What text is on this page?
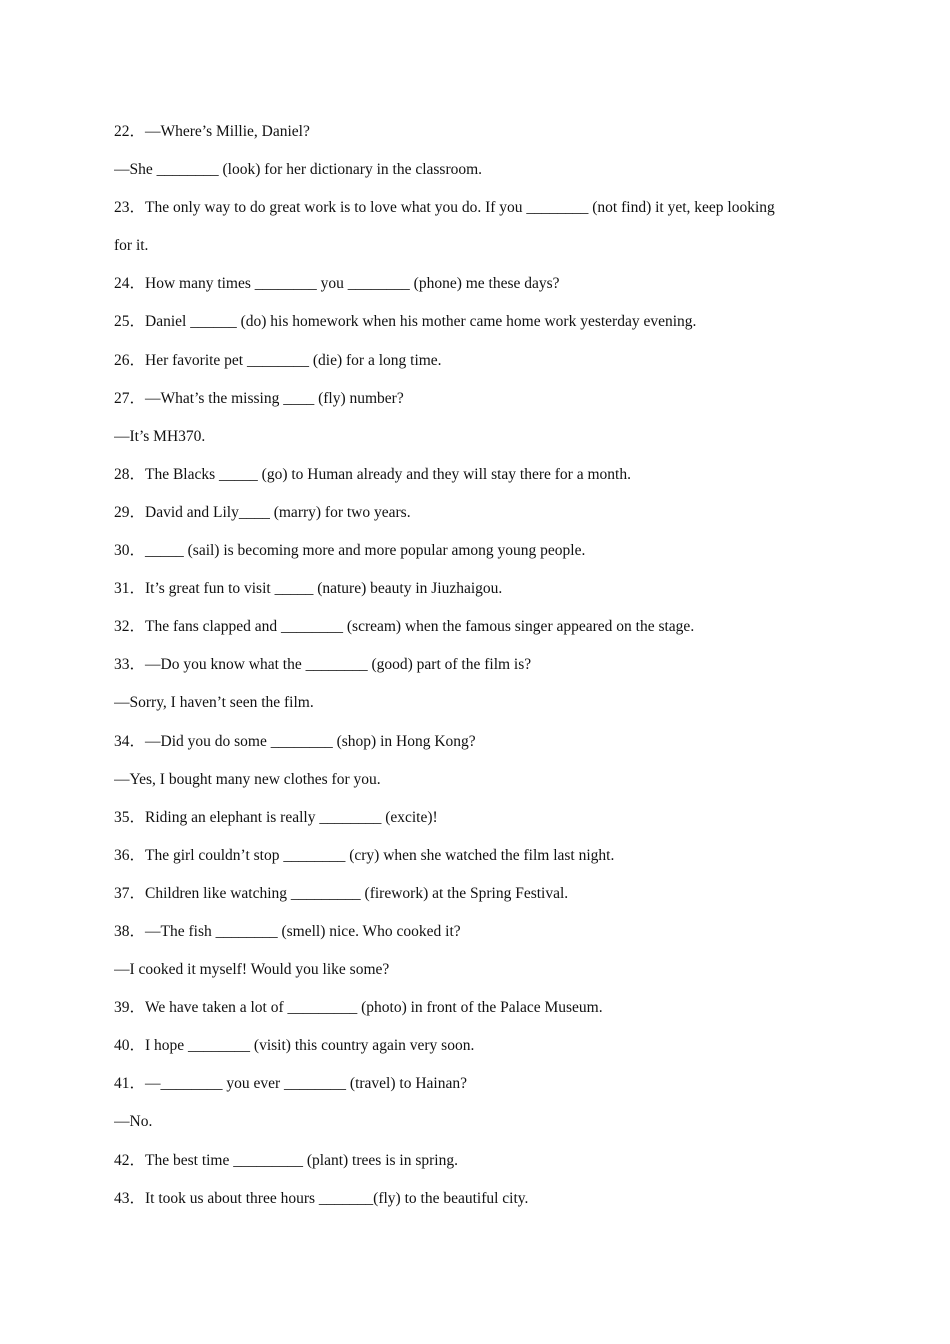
22．—Where’s Millie, Daniel?
—She ________ (look) for her dictionary in the classroom.
23．The only way to do great work is to love what you do. If you ________ (not find) it yet, keep looking
for it.
24．How many times ________ you ________ (phone) me these days?
25．Daniel ______ (do) his homework when his mother came home work yesterday evening.
26．Her favorite pet ________ (die) for a long time.
27．—What’s the missing ____ (fly) number?
—It’s MH370.
28．The Blacks _____ (go) to Human already and they will stay there for a month.
29．David and Lily____ (marry) for two years.
30．_____ (sail) is becoming more and more popular among young people.
31．It’s great fun to visit _____ (nature) beauty in Jiuzhaigou.
32．The fans clapped and ________ (scream) when the famous singer appeared on the stage.
33．—Do you know what the ________ (good) part of the film is?
—Sorry, I haven’t seen the film.
34．—Did you do some ________ (shop) in Hong Kong?
—Yes, I bought many new clothes for you.
35．Riding an elephant is really ________ (excite)!
36．The girl couldn’t stop ________ (cry) when she watched the film last night.
37．Children like watching _________ (firework) at the Spring Festival.
38．—The fish ________ (smell) nice. Who cooked it?
—I cooked it myself! Would you like some?
39．We have taken a lot of _________ (photo) in front of the Palace Museum.
40．I hope ________ (visit) this country again very soon.
41．—________ you ever ________ (travel) to Hainan?
—No.
42．The best time _________ (plant) trees is in spring.
43．It took us about three hours _______(fly) to the beautiful city.
